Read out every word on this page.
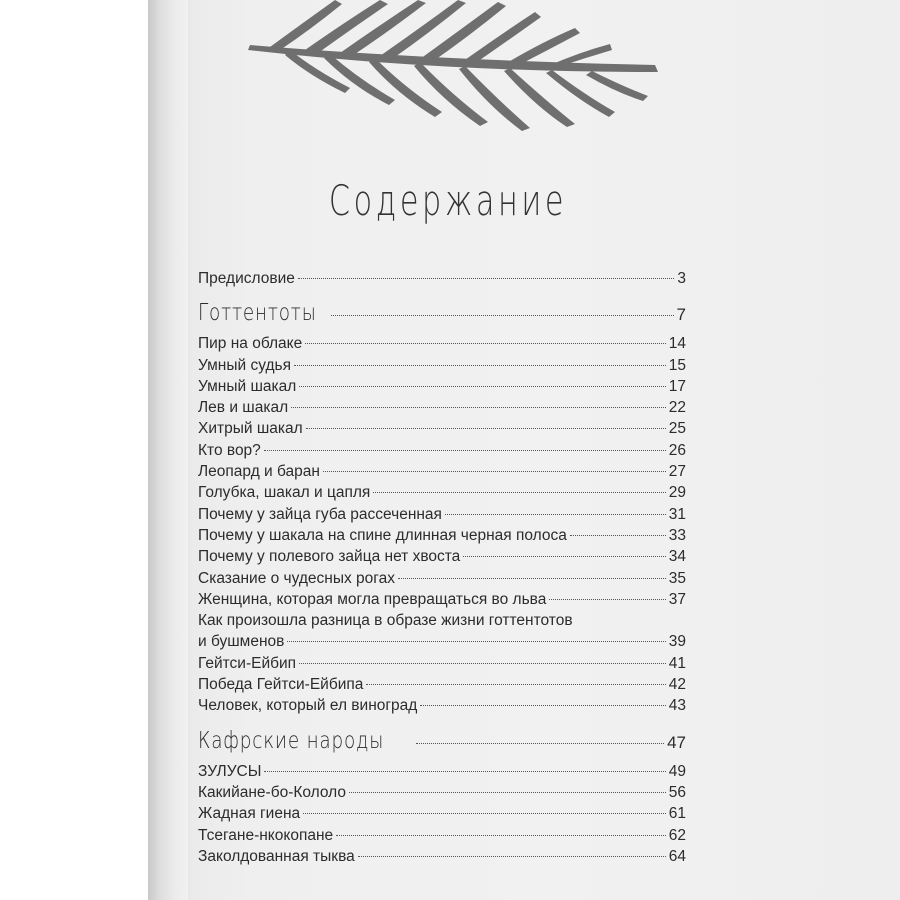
Содержание
Предисловие	3
Готтентоты	7
Пир на облаке	14
Умный судья	15
Умный шакал	17
Лев и шакал	22
Хитрый шакал	25
Кто вор?	26
Леопард и баран	27
Голубка, шакал и цапля	29
Почему у зайца губа рассеченная	31
Почему у шакала на спине длинная черная полоса	33
Почему у полевого зайца нет хвоста	34
Сказание о чудесных рогах	35
Женщина, которая могла превращаться во льва	37
Как произошла разница в образе жизни готтентотов
и бушменов	39
Гейтси-Ейбип	41
Победа Гейтси-Ейбипа	42
Человек, который ел виноград	43
Кафрские народы	47
ЗУЛУСЫ	49
Какийане-бо-Кололо	56
Жадная гиена	61
Тсегане-нкокопане	62
Заколдованная тыква	64
